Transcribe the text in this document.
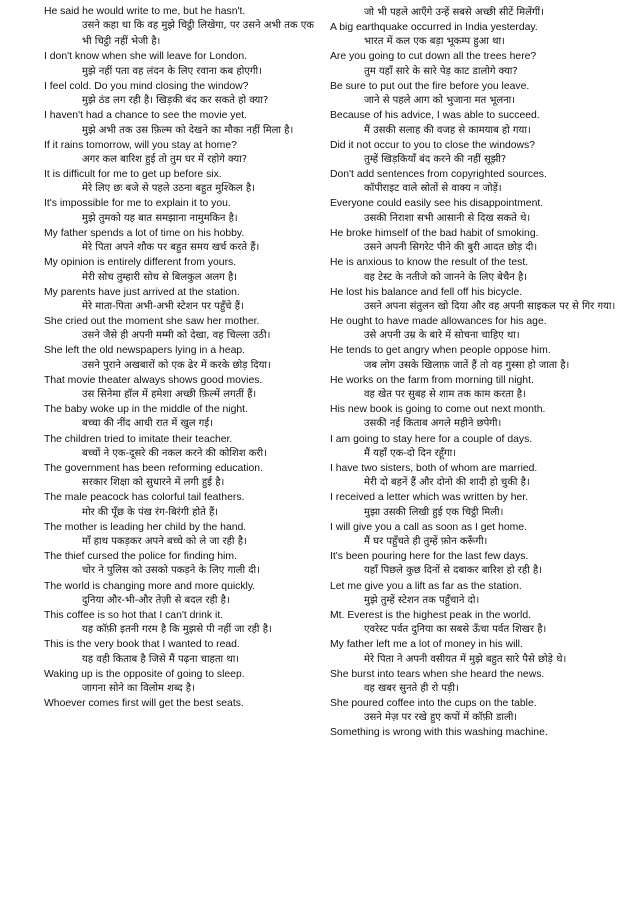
He said he would write to me, but he hasn't.
उसने कहा था कि वह मुझे चिट्ठी लिखेगा, पर उसने अभी तक एक भी चिट्ठी नहीं भेजी है।
I don't know when she will leave for London.
मुझे नहीं पता वह लंदन के लिए रवाना कब होएगी।
I feel cold. Do you mind closing the window?
मुझे ठंड लग रही है। खिड़की बंद कर सकते हो क्या?
I haven't had a chance to see the movie yet.
मुझे अभी तक उस फ़िल्म को देखने का मौका नहीं मिला है।
If it rains tomorrow, will you stay at home?
अगर कल बारिश हुई तो तुम घर में रहोगे क्या?
It is difficult for me to get up before six.
मेरे लिए छः बजे से पहले उठना बहुत मुश्किल है।
It's impossible for me to explain it to you.
मुझे तुमको यह बात समझाना नामुमकिन है।
My father spends a lot of time on his hobby.
मेरे पिता अपने शौक पर बहुत समय खर्च करते हैं।
My opinion is entirely different from yours.
मेरी सोच तुम्हारी सोच से बिलकुल अलग है।
My parents have just arrived at the station.
मेरे माता-पिता अभी-अभी स्टेशन पर पहुँचे हैं।
She cried out the moment she saw her mother.
उसने जैसे ही अपनी मम्मी को देखा, वह चिल्ला उठी।
She left the old newspapers lying in a heap.
उसने पुराने अखबारों को एक ढेर में करके छोड़ दिया।
That movie theater always shows good movies.
उस सिनेमा हॉल में हमेशा अच्छी फ़िल्में लगतीं हैं।
The baby woke up in the middle of the night.
बच्चा की नींद आधी रात में खुल गई।
The children tried to imitate their teacher.
बच्चों ने एक-दूसरे की नकल करने की कोशिश करी।
The government has been reforming education.
सरकार शिक्षा को सुधारने में लगी हुई है।
The male peacock has colorful tail feathers.
मोर की पूँछ के पंख रंग-बिरंगी होते हैं।
The mother is leading her child by the hand.
माँ हाथ पकड़कर अपने बच्चे को ले जा रही है।
The thief cursed the police for finding him.
चोर ने पुलिस को उसको पकड़ने के लिए गाली दी।
The world is changing more and more quickly.
दुनिया और-भी-और तेज़ी से बदल रही है।
This coffee is so hot that I can't drink it.
यह कॉफ़ी इतनी गरम है कि मुझसे पी नहीं जा रही है।
This is the very book that I wanted to read.
यह वही किताब है जिसे मैं पढ़ना चाहता था।
Waking up is the opposite of going to sleep.
जागना सोने का विलोम शब्द है।
Whoever comes first will get the best seats.
जो भी पहले आएँगे उन्हें सबसे अच्छी सीटें मिलेंगीं।
A big earthquake occurred in India yesterday.
भारत में कल एक बड़ा भूकम्प हुआ था।
Are you going to cut down all the trees here?
तुम यहाँ सारे के सारे पेड़ काट डालोगे क्या?
Be sure to put out the fire before you leave.
जाने से पहले आग को भुजाना मत भूलना।
Because of his advice, I was able to succeed.
मैं उसकी सलाह की वजह से कामयाब हो गया।
Did it not occur to you to close the windows?
तुम्हें खिड़कियाँ बंद करने की नहीं सूझी?
Don't add sentences from copyrighted sources.
कॉपीराइट वाले स्रोतों से वाक्य न जोड़ें।
Everyone could easily see his disappointment.
उसकी निराशा सभी आसानी से दिख सकते थे।
He broke himself of the bad habit of smoking.
उसने अपनी सिगरेट पीने की बुरी आदत छोड़ दी।
He is anxious to know the result of the test.
वह टेस्ट के नतीजे को जानने के लिए बेचैन है।
He lost his balance and fell off his bicycle.
उसने अपना संतुलन खो दिया और वह अपनी साइकल पर से गिर गया।
He ought to have made allowances for his age.
उसे अपनी उम्र के बारे में सोचना चाहिए था।
He tends to get angry when people oppose him.
जब लोग उसके खिलाफ़ जातें हैं तो वह गुस्सा हो जाता है।
He works on the farm from morning till night.
वह खेत पर सुबह से शाम तक काम करता है।
His new book is going to come out next month.
उसकी नई किताब अगले महीने छपेगी।
I am going to stay here for a couple of days.
मैं यहाँ एक-दो दिन रहूँगा।
I have two sisters, both of whom are married.
मेरी दो बहनें हैं और दोनो की शादी हो चुकी है।
I received a letter which was written by her.
मुझा उसकी लिखी हुई एक चिट्ठी मिली।
I will give you a call as soon as I get home.
मैं घर पहुँचते ही तुम्हें फ़ोन करूँगी।
It's been pouring here for the last few days.
यहाँ पिछले कुछ दिनों से दबाकर बारिश हो रही है।
Let me give you a lift as far as the station.
मुझे तुम्हें स्टेशन तक पहुँचाने दो।
Mt. Everest is the highest peak in the world.
एवरेस्ट पर्वत दुनिया का सबसे ऊँचा पर्वत शिखर है।
My father left me a lot of money in his will.
मेरे पिता ने अपनी वसीयत में मुझे बहुत सारे पैसे छोड़े थे।
She burst into tears when she heard the news.
वह खबर सुनते ही रो पड़ी।
She poured coffee into the cups on the table.
उसने मेज़ पर रखे हुए कपों में कॉफ़ी डाली।
Something is wrong with this washing machine.
